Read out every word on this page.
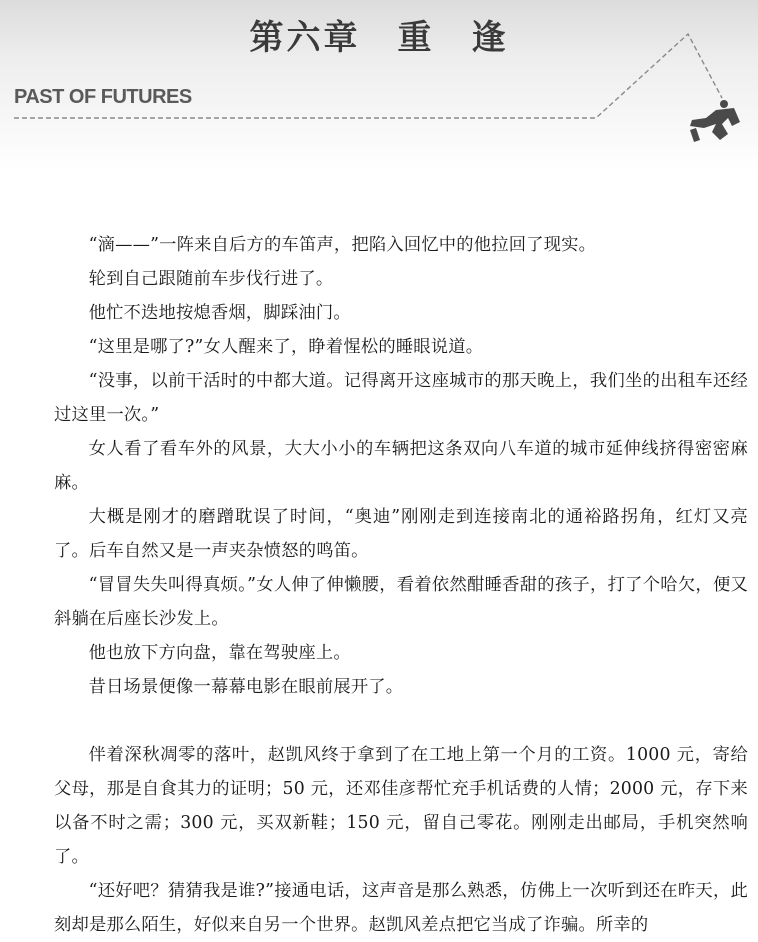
第六章　重　逢
PAST OF FUTURES

“滴——”一阵来自后方的车笛声，把陷入回忆中的他拉回了现实。

轮到自己跟随前车步伐行进了。

他忙不迭地按熄香烟，脚踩油门。

“这里是哪了?”女人醒来了，睁着惺松的睡眼说道。

“没事，以前干活时的中都大道。记得离开这座城市的那天晚上，我们坐的出租车还经过这里一次。”

女人看了看车外的风景，大大小小的车辆把这条双向八车道的城市延伸线挤得密密麻麻。

大概是刚才的磨蹭耽误了时间，“奥迪”刚刚走到连接南北的通裕路拐角，红灯又亮了。后车自然又是一声夹杂愤怒的鸣笛。

“冒冒失失叫得真烦。”女人伸了伸懒腰，看着依然酣睡香甜的孩子，打了个哈欠，便又斜躺在后座长沙发上。

他也放下方向盘，靠在驾驶座上。

昔日场景便像一幕幕电影在眼前展开了。

伴着深秋凋零的落叶，赵凯风终于拿到了在工地上第一个月的工资。1000 元，寄给父母，那是自食其力的证明；50 元，还邓佳彦帮忙充手机话费的人情；2000 元，存下来以备不时之需；300 元，买双新鞋；150 元，留自己零花。刚刚走出邮局，手机突然响了。

“还好吧？猜猜我是谁?”接通电话，这声音是那么熟悉，仿佛上一次听到还在昨天，此刻却是那么陌生，好似来自另一个世界。赵凯风差点把它当成了诈骗。所幸的
